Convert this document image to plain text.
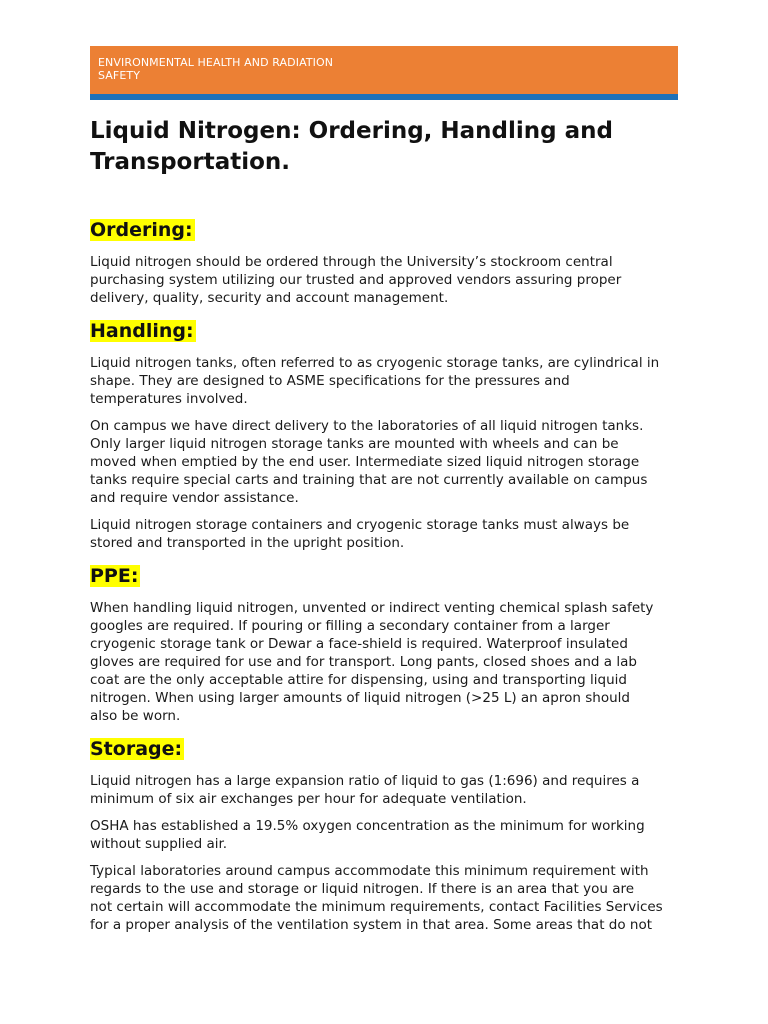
ENVIRONMENTAL HEALTH AND RADIATION
SAFETY
Liquid Nitrogen: Ordering, Handling and
Transportation.
Ordering:

Liquid nitrogen should be ordered through the University’s stockroom central
purchasing system utilizing our trusted and approved vendors assuring proper
delivery, quality, security and account management.

Handling:

Liquid nitrogen tanks, often referred to as cryogenic storage tanks, are cylindrical in
shape. They are designed to ASME specifications for the pressures and
temperatures involved.

On campus we have direct delivery to the laboratories of all liquid nitrogen tanks.
Only larger liquid nitrogen storage tanks are mounted with wheels and can be
moved when emptied by the end user. Intermediate sized liquid nitrogen storage
tanks require special carts and training that are not currently available on campus
and require vendor assistance.

Liquid nitrogen storage containers and cryogenic storage tanks must always be
stored and transported in the upright position.

PPE:

When handling liquid nitrogen, unvented or indirect venting chemical splash safety
googles are required. If pouring or filling a secondary container from a larger
cryogenic storage tank or Dewar a face-shield is required. Waterproof insulated
gloves are required for use and for transport. Long pants, closed shoes and a lab
coat are the only acceptable attire for dispensing, using and transporting liquid
nitrogen. When using larger amounts of liquid nitrogen (>25 L) an apron should
also be worn.

Storage:

Liquid nitrogen has a large expansion ratio of liquid to gas (1:696) and requires a
minimum of six air exchanges per hour for adequate ventilation.

OSHA has established a 19.5% oxygen concentration as the minimum for working
without supplied air.

Typical laboratories around campus accommodate this minimum requirement with
regards to the use and storage or liquid nitrogen. If there is an area that you are
not certain will accommodate the minimum requirements, contact Facilities Services
for a proper analysis of the ventilation system in that area. Some areas that do not
